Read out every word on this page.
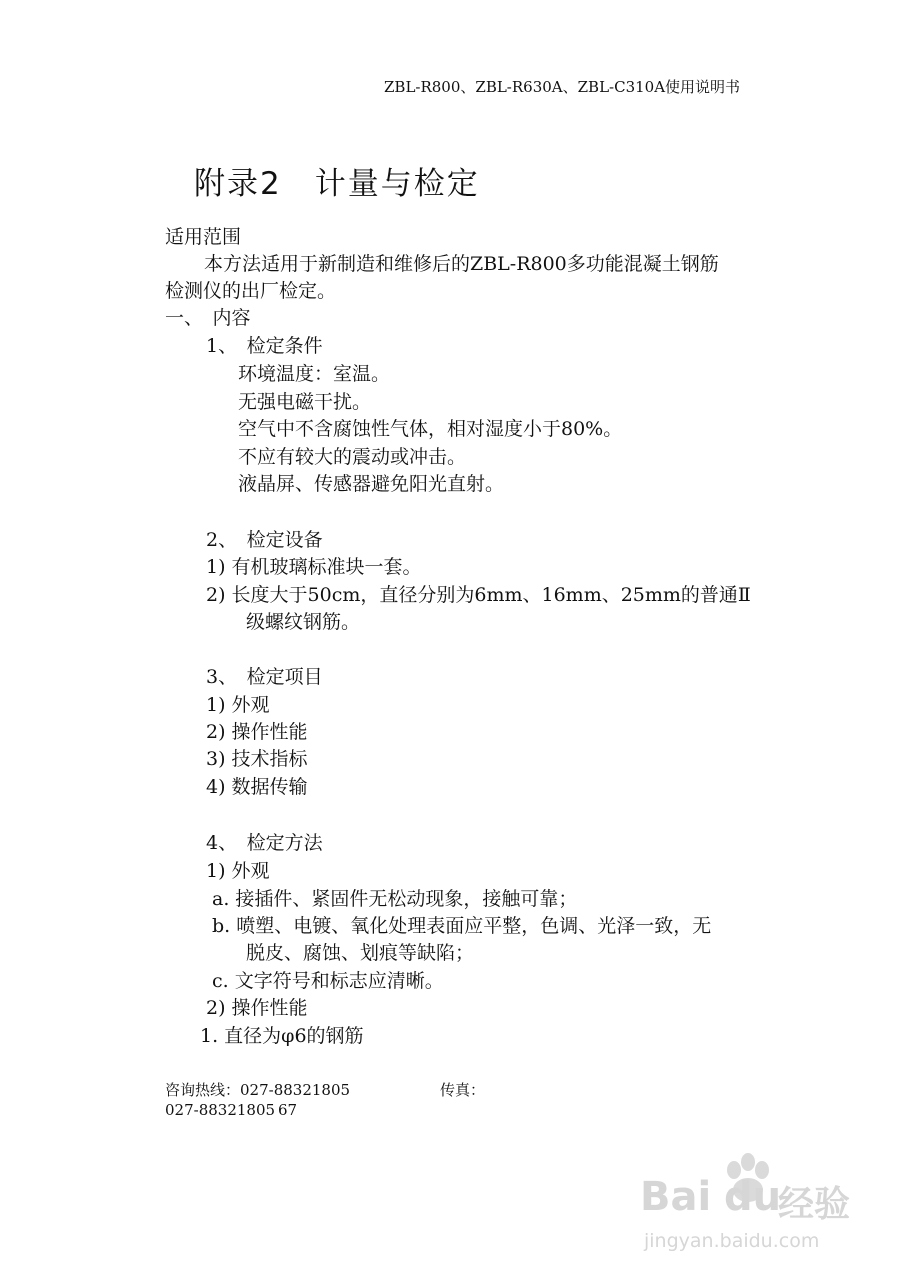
ZBL-R800、ZBL-R630A、ZBL-C310A使用说明书
附录2　计量与检定
适用范围
本方法适用于新制造和维修后的ZBL-R800多功能混凝土钢筋
检测仪的出厂检定。
一、　内容
1、　检定条件
环境温度：室温。
无强电磁干扰。
空气中不含腐蚀性气体，相对湿度小于80%。
不应有较大的震动或冲击。
液晶屏、传感器避免阳光直射。
2、　检定设备
1) 有机玻璃标准块一套。
2) 长度大于50cm，直径分别为6mm、16mm、25mm的普通Ⅱ
级螺纹钢筋。
3、　检定项目
1) 外观
2) 操作性能
3) 技术指标
4) 数据传输
4、　检定方法
1) 外观
a. 接插件、紧固件无松动现象，接触可靠；
b. 喷塑、电镀、氧化处理表面应平整，色调、光泽一致，无
脱皮、腐蚀、划痕等缺陷；
c. 文字符号和标志应清晰。
2) 操作性能
1. 直径为φ6的钢筋
咨询热线：027-88321805	传真：
027-88321805 67
Bai du
经验
jingyan.baidu.com
